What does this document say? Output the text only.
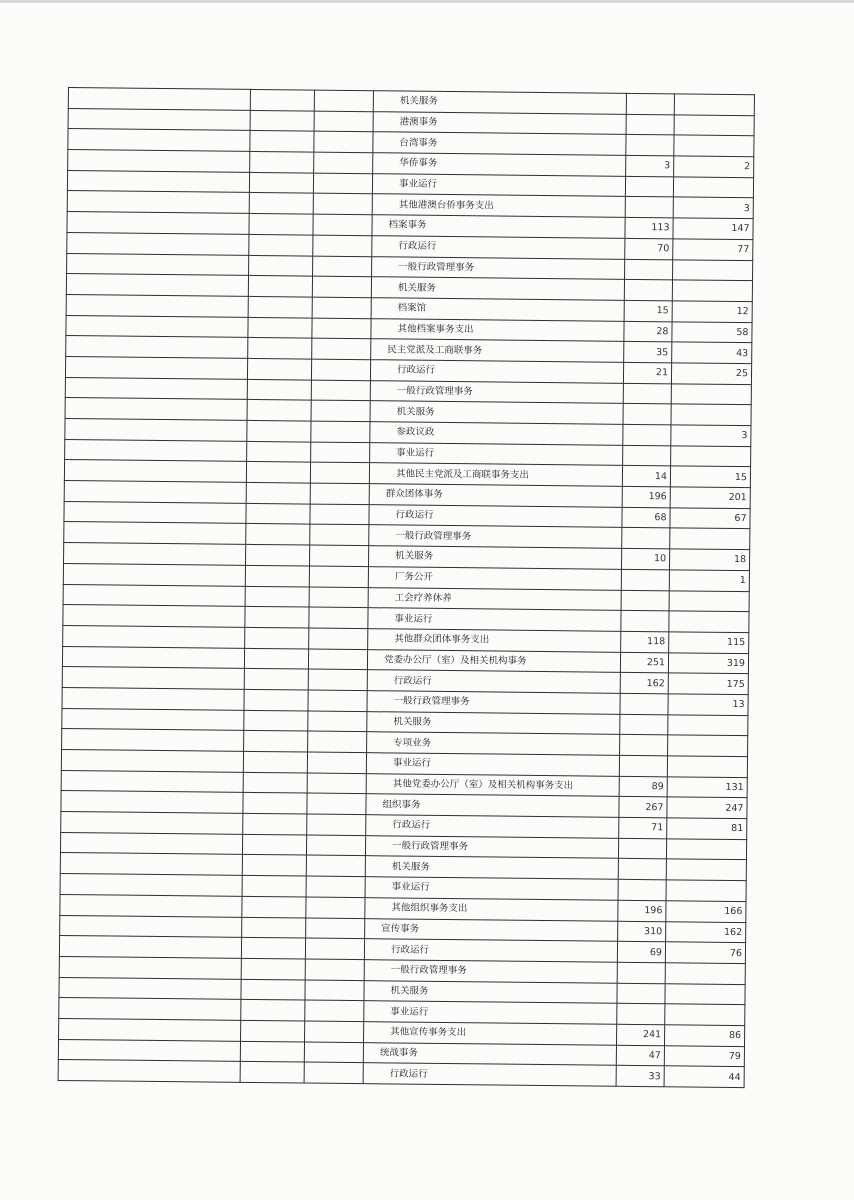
			机关服务		
			港澳事务		
			台湾事务		
			华侨事务	3	2
			事业运行		
			其他港澳台侨事务支出		3
			档案事务	113	147
			行政运行	70	77
			一般行政管理事务		
			机关服务		
			档案馆	15	12
			其他档案事务支出	28	58
			民主党派及工商联事务	35	43
			行政运行	21	25
			一般行政管理事务		
			机关服务		
			参政议政		3
			事业运行		
			其他民主党派及工商联事务支出	14	15
			群众团体事务	196	201
			行政运行	68	67
			一般行政管理事务		
			机关服务	10	18
			厂务公开		1
			工会疗养休养		
			事业运行		
			其他群众团体事务支出	118	115
			党委办公厅（室）及相关机构事务	251	319
			行政运行	162	175
			一般行政管理事务		13
			机关服务		
			专项业务		
			事业运行		
			其他党委办公厅（室）及相关机构事务支出	89	131
			组织事务	267	247
			行政运行	71	81
			一般行政管理事务		
			机关服务		
			事业运行		
			其他组织事务支出	196	166
			宣传事务	310	162
			行政运行	69	76
			一般行政管理事务		
			机关服务		
			事业运行		
			其他宣传事务支出	241	86
			统战事务	47	79
			行政运行	33	44
